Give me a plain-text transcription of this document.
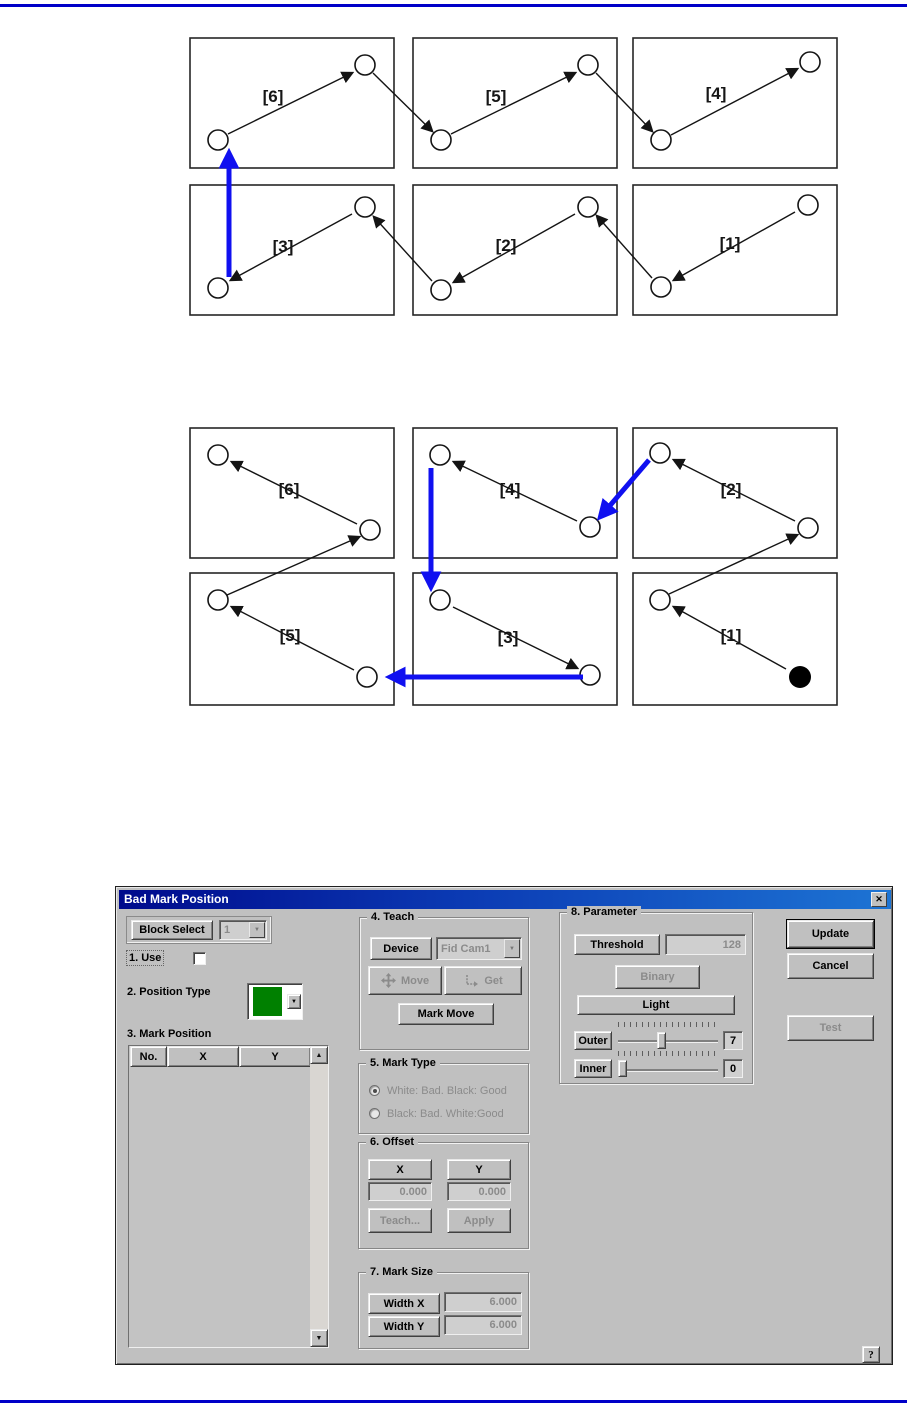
[6]	[5]	[4]
[3]	[2]	[1]
[6]	[4]	[2]
[5]	[3]	[1]
Bad Mark Position	✕
Block Select	1	▼
1. Use
2. Position Type
▼
3. Mark Position
No.	X	Y	▲
▼
4. Teach
Device	Fid Cam1	▼
Move	Get
Mark Move
5. Mark Type
White: Bad. Black: Good
Black: Bad. White:Good
6. Offset
X	Y
0.000	0.000
Teach...	Apply
7. Mark Size
Width X	6.000
Width Y	6.000
8. Parameter
Threshold	128
Binary
Light
Outer	7
Inner	0
Update
Cancel
Test
?
